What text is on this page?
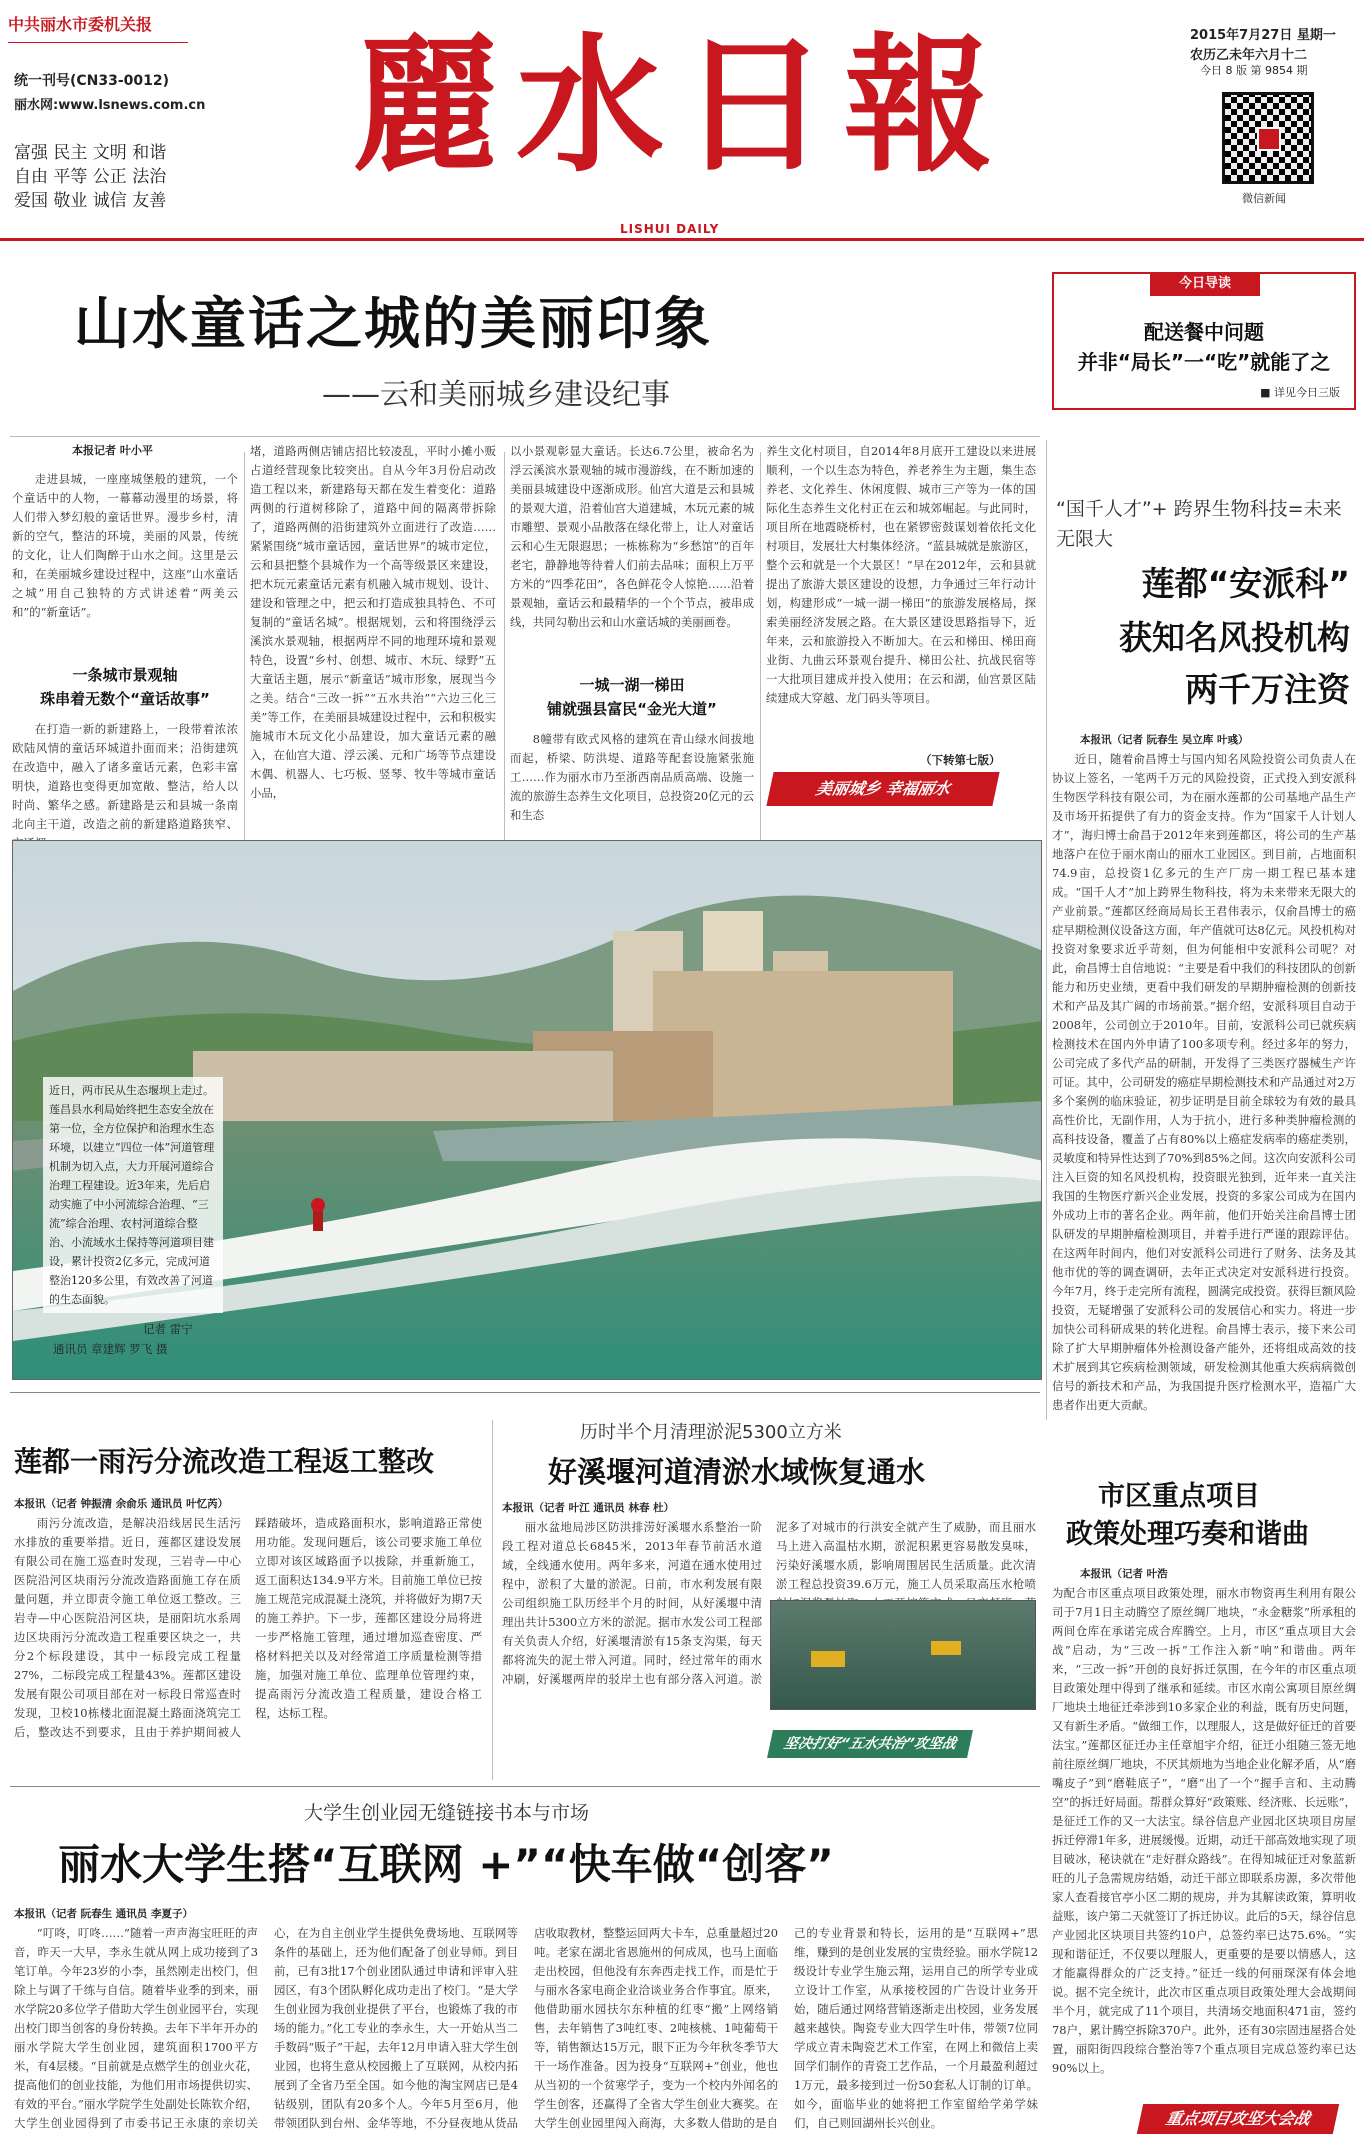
中共丽水市委机关报
统一刊号(CN33-0012)
丽水网:www.lsnews.com.cn
富强 民主 文明 和谐
自由 平等 公正 法治
爱国 敬业 诚信 友善
麗 水 日 報
LISHUI DAILY
2015年7月27日 星期一
农历乙未年六月十二
今日 8 版 第 9854 期
微信新闻
山水童话之城的美丽印象
——云和美丽城乡建设纪事
本报记者 叶小平
走进县城，一座座城堡般的建筑，一个个童话中的人物，一幕幕动漫里的场景，将人们带入梦幻般的童话世界。漫步乡村，清新的空气，整洁的环境，美丽的风景，传统的文化，让人们陶醉于山水之间。这里是云和，在美丽城乡建设过程中，这座“山水童话之城”用自己独特的方式讲述着“两美云和”的“新童话”。
一条城市景观轴
珠串着无数个“童话故事”
在打造一新的新建路上，一段带着浓浓欧陆风情的童话环城道扑面而来；沿街建筑在改造中，融入了诸多童话元素，色彩丰富明快，道路也变得更加宽敞、整洁，给人以时尚、繁华之感。新建路是云和县城一条南北向主干道，改造之前的新建路道路狭窄、
堵，道路两侧店铺店招比较凌乱，平时小摊小贩占道经营现象比较突出。自从今年3月份启动改造工程以来，新建路每天都在发生着变化：道路两侧的行道树移除了，道路中间的隔离带拆除了，道路两侧的沿街建筑外立面进行了改造……紧紧围绕“城市童话园，童话世界”的城市定位，云和县把整个县城作为一个高等级景区来建设，把木玩元素童话元素有机融入城市规划、设计、建设和管理之中，把云和打造成独具特色、不可复制的“童话名城”。根据规划，云和将围绕浮云溪滨水景观轴，根据两岸不同的地理环境和景观特色，设置“乡村、创想、城市、木玩、绿野”五大童话主题，展示“新童话”城市形象，展现当今之美。结合“三改一拆”“五水共治”“六边三化三美”等工作，在美丽县城建设过程中，云和积极实施城市木玩文化小品建设，加大童话元素的融入，在仙宫大道、浮云溪、元和广场等节点建设木偶、机器人、七巧板、竖琴、牧牛等城市童话小品，
以小景观彰显大童话。长达6.7公里，被命名为浮云溪滨水景观轴的城市漫游线，在不断加速的美丽县城建设中逐渐成形。仙宫大道是云和县城的景观大道，沿着仙宫大道建城，木玩元素的城市雕塑、景观小品散落在绿化带上，让人对童话云和心生无限遐思；一栋栋称为“乡愁馆”的百年老宅，静静地等待着人们前去品味；面积上万平方米的“四季花田”，各色鲜花令人惊艳……沿着景观轴，童话云和最精华的一个个节点，被串成线，共同勾勒出云和山水童话城的美丽画卷。
一城一湖一梯田
铺就强县富民“金光大道”
8幢带有欧式风格的建筑在青山绿水间拔地而起，桥梁、防洪堤、道路等配套设施紧张施工……作为丽水市乃至浙西南品质高端、设施一流的旅游生态养生文化项目，总投资20亿元的云和生态
养生文化村项目，自2014年8月底开工建设以来进展顺利，一个以生态为特色，养老养生为主题，集生态养老、文化养生、休闲度假、城市三产等为一体的国际化生态养生文化村正在云和城郊崛起。与此同时，项目所在地霞晓桥村，也在紧锣密鼓谋划着依托文化村项目，发展壮大村集体经济。“蓝县城就是旅游区，整个云和就是一个大景区！”早在2012年，云和县就提出了旅游大景区建设的设想，力争通过三年行动计划，构建形成“一城一湖一梯田”的旅游发展格局，探索美丽经济发展之路。在大景区建设思路指导下，近年来，云和旅游投入不断加大。在云和梯田、梯田商业街、九曲云环景观台提升、梯田公社、抗战民宿等一大批项目建成并投入使用；在云和湖，仙宫景区陆续建成大穿越、龙门码头等项目。
（下转第七版）
美丽城乡 幸福丽水
今日导读
配送餐中问题
并非“局长”一“吃”就能了之
■ 详见今日三版
“国千人才”+ 跨界生物科技=未来无限大
莲都“安派科”
获知名风投机构
两千万注资
本报讯（记者 阮春生 吴立库 叶彧）
近日，随着俞昌博士与国内知名风险投资公司负责人在协议上签名，一笔两千万元的风险投资，正式投入到安派科生物医学科技有限公司，为在丽水莲都的公司基地产品生产及市场开拓提供了有力的资金支持。作为“国家千人计划人才”，海归博士俞昌于2012年来到莲都区，将公司的生产基地落户在位于丽水南山的丽水工业园区。到目前，占地面积74.9亩，总投资1亿多元的生产厂房一期工程已基本建成。“国千人才”加上跨界生物科技，将为未来带来无限大的产业前景。”莲都区经商局局长王君伟表示，仅俞昌博士的癌症早期检测仪设备这方面，年产值就可达8亿元。风投机构对投资对象要求近乎苛刻，但为何能相中安派科公司呢？对此，俞昌博士自信地说：“主要是看中我们的科技团队的创新能力和历史业绩，更看中我们研发的早期肿瘤检测的创新技术和产品及其广阔的市场前景。”据介绍，安派科项目自动于2008年，公司创立于2010年。目前，安派科公司已就疾病检测技术在国内外申请了100多项专利。经过多年的努力，公司完成了多代产品的研制，开发得了三类医疗器械生产许可证。其中，公司研发的癌症早期检测技术和产品通过对2万多个案例的临床验证，初步证明是目前全球较为有效的最具高性价比，无副作用，人为于抗小，进行多种类肿瘤检测的高科技设备，覆盖了占有80%以上癌症发病率的癌症类别，灵敏度和特异性达到了70%到85%之间。这次向安派科公司注入巨资的知名风投机构，投资眼光独到，近年来一直关注我国的生物医疗新兴企业发展，投资的多家公司成为在国内外成功上市的著名企业。两年前，他们开始关注俞昌博士团队研发的早期肿瘤检测项目，并着手进行严谨的跟踪评估。在这两年时间内，他们对安派科公司进行了财务、法务及其他市优的等的调查调研，去年正式决定对安派科进行投资。今年7月，终于走完所有流程，圆满完成投资。获得巨额风险投资，无疑增强了安派科公司的发展信心和实力。将进一步加快公司科研成果的转化进程。俞昌博士表示，接下来公司除了扩大早期肿瘤体外检测设备产能外，还将组成高效的技术扩展到其它疾病检测领域，研发检测其他重大疾病病微创信号的新技术和产品，为我国提升医疗检测水平，造福广大患者作出更大贡献。
近日，两市民从生态堰坝上走过。莲昌县水利局始终把生态安全放在第一位，全方位保护和治理水生态环境，以建立“四位一体”河道管理机制为切入点，大力开展河道综合治理工程建设。近3年来，先后启动实施了中小河流综合治理、“三流”综合治理、农村河道综合整治、小流域水土保持等河道项目建设，累计投资2亿多元，完成河道整治120多公里，有效改善了河道的生态面貌。
记者 雷宁
通讯员 章建辉 罗飞 摄
莲都一雨污分流改造工程返工整改
本报讯（记者 钟振清 余俞乐 通讯员 叶忆芮）
雨污分流改造，是解决沿线居民生活污水排放的重要举措。近日，莲都区建设发展有限公司在施工巡查时发现，三岩寺—中心医院沿河区块雨污分流改造路面施工存在质量问题，并立即责令施工单位返工整改。三岩寺—中心医院沿河区块，是丽阳坑水系周边区块雨污分流改造工程重要区块之一，共分2个标段建设，其中一标段完成工程量27%，二标段完成工程量43%。莲都区建设发展有限公司项目部在对一标段日常巡查时发现，卫校10栋楼北面混凝土路面浇筑完工后，整改达不到要求，且由于养护期间被人踩踏破坏，造成路面积水，影响道路正常使用功能。发现问题后，该公司要求施工单位立即对该区域路面予以拔除，并重新施工，返工面积达134.9平方米。目前施工单位已按施工规范完成混凝土浇筑，并将做好为期7天的施工养护。下一步，莲都区建设分局将进一步严格施工管理，通过增加巡查密度、严格材料把关以及对经常道工序质量检测等措施，加强对施工单位、监理单位管理约束，提高雨污分流改造工程质量，建设合格工程，达标工程。
历时半个月清理淤泥5300立方米
好溪堰河道清淤水域恢复通水
本报讯（记者 叶江 通讯员 林春 杜）
丽水盆地局涉区防洪排涝好溪堰水系整治一阶段工程对道总长6845米，2013年春节前活水道域，全线通水使用。两年多来，河道在通水使用过程中，淤积了大量的淤泥。日前，市水利发展有限公司组织施工队历经半个月的时间，从好溪堰中清理出共计5300立方米的淤泥。据市水发公司工程部有关负责人介绍，好溪堰清淤有15条支沟渠，每天都将流失的泥土带入河道。同时，经过常年的雨水冲刷，好溪堰两岸的驳岸土也有部分落入河道。淤泥多了对城市的行洪安全就产生了威胁，而且丽水马上进入高温枯水期，淤泥积累更容易散发臭味，污染好溪堰水质，影响周围居民生活质量。此次清淤工程总投资39.6万元，施工人员采取高压水枪喷
坚决打好“五水共治”攻坚战
市区重点项目
政策处理巧奏和谐曲
本报讯（记者 叶浩
为配合市区重点项目政策处理，丽水市物资再生利用有限公司于7月1日主动腾空了原丝绸厂地块，“永金糖浆”所承租的两间仓库在承诺完成合库腾空。上月，市区“重点项目大会战”启动，为“三改一拆”工作注入新“响”和谐曲。两年来，“三改一拆”开创的良好拆迁氛围，在今年的市区重点项目政策处理中得到了继承和延续。市区水南公寓项目原丝绸厂地块土地征迁牵涉到10多家企业的利益，既有历史问题，又有新生矛盾。“做细工作，以理服人，这是做好征迁的首要法宝。”莲都区征迁办主任章旭宇介绍，征迁小组随三签无地前往原丝绸厂地块，不厌其烦地为当地企业化解矛盾，从“磨嘴皮子”到“磨鞋底子”，“磨”出了一个“握手言和、主动腾空”的拆迁好局面。帮群众算好“政策账、经济账、长远账”，是征迁工作的又一大法宝。绿谷信息产业园北区块项目房屋拆迁停滞1年多，进展缓慢。近期，动迁干部高效地实现了项目破冰，秘诀就在“走好群众路线”。在得知城征迁对象蓝新旺的儿子急需规房结婚，动迁干部立即联系房源，多次带他家人查看接官亭小区二期的规房，并为其解读政策，算明收益账，该户第二天就签订了拆迁协议。此后的5天，绿谷信息产业园北区块项目共签约10户，总签约率已达75.6%。“实现和谐征迁，不仅要以理服人，更重要的是要以情感人，这才能赢得群众的广泛支持。”征迁一线的何丽琛深有体会地说。据不完全统计，此次市区重点项目政策处理大会战期间半个月，就完成了11个项目，共清场交地面积471亩，签约78户，累计腾空拆除370户。此外，还有30宗固违屋搭合处置，丽阳街四段综合整治等7个重点项目完成总签约率已达90%以上。
重点项目攻坚大会战
大学生创业园无缝链接书本与市场
丽水大学生搭“互联网 +”“快车做“创客”
本报讯（记者 阮春生 通讯员 李夏子）
“叮咚，叮咚……”随着一声声海宝旺旺的声音，昨天一大早，李永生就从网上成功接到了3笔订单。今年23岁的小李，虽然刚走出校门，但除上与调了千练与自信。随着毕业季的到来，丽水学院20多位学子借助大学生创业园平台，实现出校门即当创客的身份转换。去年下半年开办的丽水学院大学生创业园，建筑面积1700平方米，有4层楼。“目前就是点燃学生的创业火花，提高他们的创业技能，为他们用市场提供切实、有效的平台。”丽水学院学生处副处长陈钦介绍，大学生创业园得到了市委书记王永康的亲切关心，在为自主创业学生提供免费场地、互联网等条件的基础上，还为他们配备了创业导师。到目前，已有3批17个创业团队通过申请和评审入驻园区，有3个团队孵化成功走出了校门。“是大学生创业园为我创业提供了平台，也锻炼了我的市场的能力。”化工专业的李永生，大一开始从当二手数码“贩子”干起，去年12月申请入驻大学生创业园，也将生意从校园搬上了互联网，从校内拓展到了全省乃至全国。如今他的淘宝网店已是4钻级别，团队有20多个人。今年5月至6月，他带领团队到台州、金华等地，不分昼夜地从货品店收取教材，整整运回两大卡车，总重量超过20吨。老家在湖北省恩施州的何成凤，也马上面临走出校园，但他没有东奔西走找工作，而是忙于与丽水各家电商企业洽谈业务合作事宜。原来，他借助丽水园扶尔东种植的红枣“搬”上网络销售，去年销售了3吨红枣、2吨核桃、1吨葡萄干等，销售额达15万元，眼下正为今年秋冬季节大干一场作准备。因为投身“互联网+”创业，他也从当初的一个贫寒学子，变为一个校内外闻名的学生创客，还赢得了全省大学生创业大赛奖。在大学生创业园里闯入商海，大多数人借助的是自己的专业背景和特长，运用的是“互联网+”思维，赚到的是创业发展的宝贵经验。丽水学院12级设计专业学生施云翔，运用自己的所学专业成立设计工作室，从承接校园的广告设计业务开始，随后通过网络营销逐渐走出校园，业务发展越来越快。陶瓷专业大四学生叶伟，带领7位同学成立青未陶瓷艺术工作室，在网上和微信上卖回学们制作的青瓷工艺作品，一个月最盈利超过1万元，最多接到过一份50套私人订制的订单。如今，面临毕业的她将把工作室留给学弟学妹们，自己则回湖州长兴创业。
